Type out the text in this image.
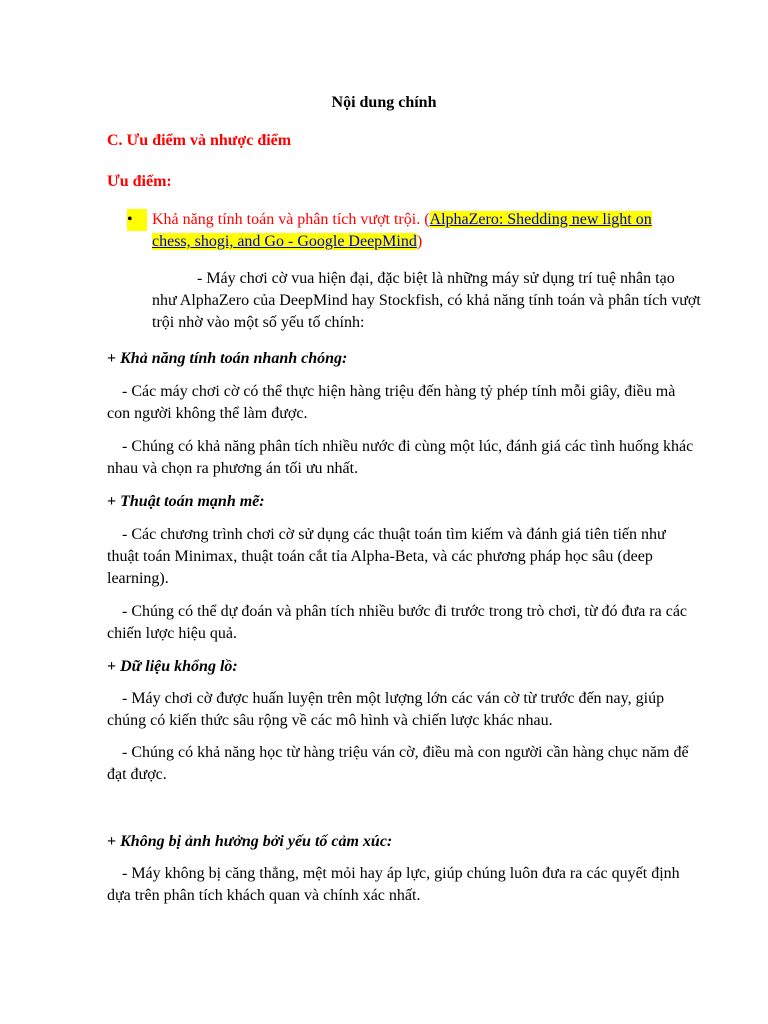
Nội dung chính
C. Ưu điểm và nhược điểm
Ưu điểm:
•	Khả năng tính toán và phân tích vượt trội. (AlphaZero: Shedding new light on chess, shogi, and Go - Google DeepMind)
- Máy chơi cờ vua hiện đại, đặc biệt là những máy sử dụng trí tuệ nhân tạo như AlphaZero của DeepMind hay Stockfish, có khả năng tính toán và phân tích vượt trội nhờ vào một số yếu tố chính:
+ Khả năng tính toán nhanh chóng:
- Các máy chơi cờ có thể thực hiện hàng triệu đến hàng tỷ phép tính mỗi giây, điều mà con người không thể làm được.
- Chúng có khả năng phân tích nhiều nước đi cùng một lúc, đánh giá các tình huống khác nhau và chọn ra phương án tối ưu nhất.
+ Thuật toán mạnh mẽ:
- Các chương trình chơi cờ sử dụng các thuật toán tìm kiếm và đánh giá tiên tiến như thuật toán Minimax, thuật toán cắt tỉa Alpha-Beta, và các phương pháp học sâu (deep learning).
- Chúng có thể dự đoán và phân tích nhiều bước đi trước trong trò chơi, từ đó đưa ra các chiến lược hiệu quả.
+ Dữ liệu khổng lồ:
- Máy chơi cờ được huấn luyện trên một lượng lớn các ván cờ từ trước đến nay, giúp chúng có kiến thức sâu rộng về các mô hình và chiến lược khác nhau.
- Chúng có khả năng học từ hàng triệu ván cờ, điều mà con người cần hàng chục năm để đạt được.
+ Không bị ảnh hưởng bởi yếu tố cảm xúc:
- Máy không bị căng thẳng, mệt mỏi hay áp lực, giúp chúng luôn đưa ra các quyết định dựa trên phân tích khách quan và chính xác nhất.
